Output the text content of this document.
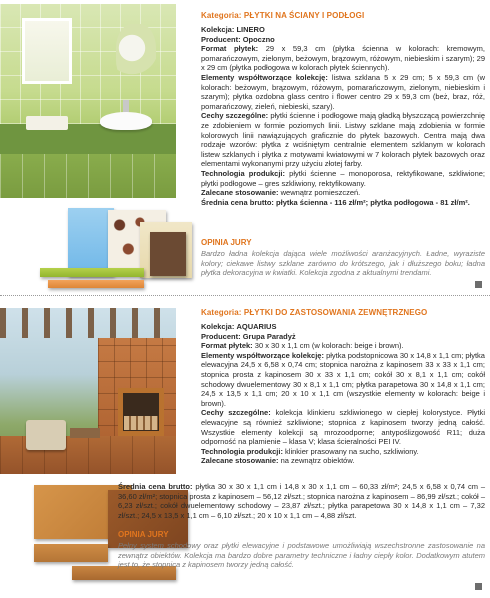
Kategoria: PŁYTKI NA ŚCIANY I PODŁOGI

Kolekcja: LINERO

Producent: Opoczno

Format płytek: 29 x 59,3 cm (płytka ścienna w kolorach: kremowym, pomarańczowym, zielonym, beżowym, brązowym, różowym, niebieskim i szarym); 29 x 29 cm (płytka podłogowa w kolorach płytek ściennych).

Elementy współtworzące kolekcję: listwa szklana 5 x 29 cm; 5 x 59,3 cm (w kolorach: beżowym, brązowym, różowym, pomarańczowym, zielonym, niebieskim i szarym); płytka ozdobna glass centro i flower centro 29 x 59,3 cm (beż, braz, róż, pomarańczowy, zieleń, niebieski, szary).

Cechy szczególne: płytki ścienne i podłogowe mają gładką błyszczącą powierzchnię ze zdobieniem w formie poziomych linii. Listwy szklane mają zdobienia w formie kolorowych linii nawiązujących graficznie do płytek bazowych. Centra mają dwa rodzaje wzorów: płytka z wciśniętym centralnie elementem szklanym w kolorach listew szklanych i płytka z motywami kwiatowymi w 7 kolorach płytek bazowych oraz elementami wykonanymi przy użyciu złotej farby.

Technologia produkcji: płytki ścienne – monoporosa, rektyfikowane, szkliwione; płytki podłogowe – gres szkliwiony, rektyfikowany.

Zalecane stosowanie: wewnątrz pomieszczeń.

Średnia cena brutto: płytka ścienna - 116 zł/m²; płytka podłogowa - 81 zł/m².

OPINIA JURY
Bardzo ładna kolekcja dająca wiele możliwości aranżacyjnych. Ładne, wyraziste kolory; ciekawe listwy szklane zarówno do krótszego, jak i dłuższego boku; ładna płytka dekoracyjna w kwiatki. Kolekcja zgodna z aktualnymi trendami.
Kategoria: PŁYTKI DO ZASTOSOWANIA ZEWNĘTRZNEGO

Kolekcja: AQUARIUS

Producent: Grupa Paradyż

Format płytek: 30 x 30 x 1,1 cm (w kolorach: beige i brown).

Elementy współtworzące kolekcję: płytka podstopnicowa 30 x 14,8 x 1,1 cm; płytka elewacyjna 24,5 x 6,58 x 0,74 cm; stopnica narożna z kapinosem 33 x 33 x 1,1 cm; stopnica prosta z kapinosem 30 x 33 x 1,1 cm; cokół 30 x 8,1 x 1,1 cm; cokół schodowy dwuelementowy 30 x 8,1 x 1,1 cm; płytka parapetowa 30 x 14,8 x 1,1 cm; 24,5 x 13,5 x 1,1 cm; 20 x 10 x 1,1 cm (wszystkie elementy w kolorach: beige i brown).

Cechy szczególne: kolekcja klinkieru szkliwionego w ciepłej kolorystyce. Płytki elewacyjne są również szkliwione; stopnica z kapinosem tworzy jedną całość. Wszystkie elementy kolekcji są mrozoodporne; antypoślizgowość R11; duża odporność na plamienie – klasa V; klasa ścieralności PEI IV.

Technologia produkcji: klinkier prasowany na sucho, szkliwiony.

Zalecane stosowanie: na zewnątrz obiektów.

Średnia cena brutto: płytka 30 x 30 x 1,1 cm i 14,8 x 30 x 1,1 cm – 60,33 zł/m²; 24,5 x 6,58 x 0,74 cm – 36,60 zł/m²; stopnica prosta z kapinosem – 56,12 zł/szt.; stopnica narożna z kapinosem – 86,99 zł/szt.; cokół – 6,23 zł/szt.; cokół dwuelementowy schodowy – 23,87 zł/szt.; płytka parapetowa 30 x 14,8 x 1,1 cm – 7,32 zł/szt.; 24,5 x 13,5 x 1,1 cm – 6,10 zł/szt.; 20 x 10 x 1,1 cm – 4,88 zł/szt.
OPINIA JURY
Pełny system schodowy oraz płytki elewacyjne i podstawowe umożliwiają wszechstronne zastosowanie na zewnątrz obiektów. Kolekcja ma bardzo dobre parametry techniczne i ładny ciepły kolor. Dodatkowym atutem jest to, że stopnica z kapinosem tworzy jedną całość.
